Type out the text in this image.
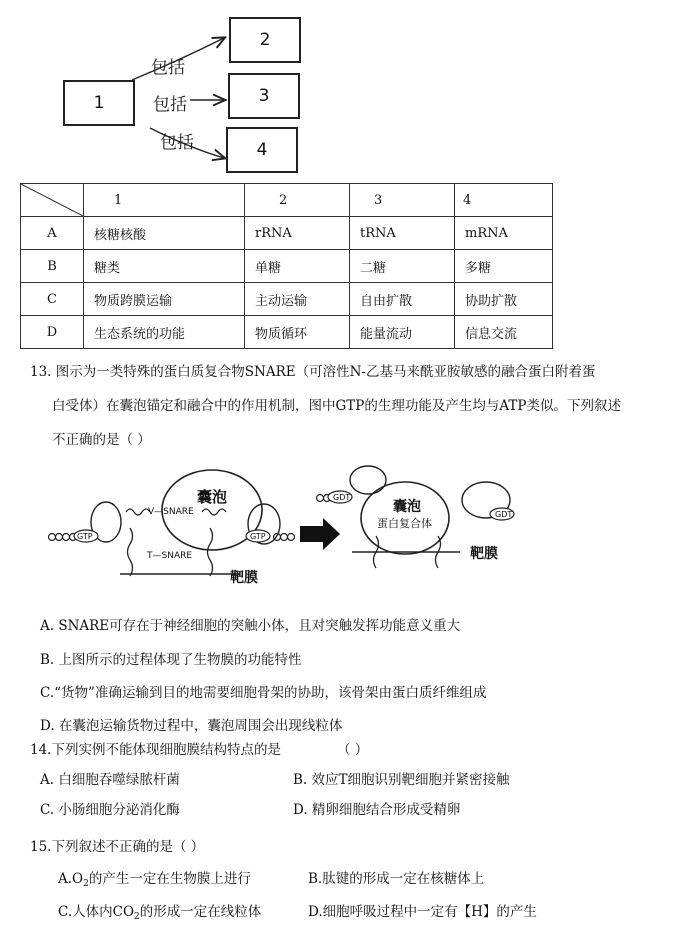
1
2
3
4
包括
包括
包括
	1	2	3	4
A	核糖核酸	rRNA	tRNA	mRNA
B	糖类	单糖	二糖	多糖
C	物质跨膜运输	主动运输	自由扩散	协助扩散
D	生态系统的功能	物质循环	能量流动	信息交流
13. 图示为一类特殊的蛋白质复合物SNARE（可溶性N-乙基马来酰亚胺敏感的融合蛋白附着蛋
白受体）在囊泡锚定和融合中的作用机制，图中GTP的生理功能及产生均与ATP类似。下列叙述
不正确的是（ ）
囊泡
V—SNARE
T—SNARE
GTP	GTP
靶膜
GDT
GDT
囊泡
蛋白复合体
靶膜
A. SNARE可存在于神经细胞的突触小体，且对突触发挥功能意义重大
B. 上图所示的过程体现了生物膜的功能特性
C.“货物”准确运输到目的地需要细胞骨架的协助，该骨架由蛋白质纤维组成
D. 在囊泡运输货物过程中，囊泡周围会出现线粒体
14.下列实例不能体现细胞膜结构特点的是	（ ）
A. 白细胞吞噬绿脓杆菌	B. 效应T细胞识别靶细胞并紧密接触
C. 小肠细胞分泌消化酶	D. 精卵细胞结合形成受精卵
15.下列叙述不正确的是（ ）
$A.O_2$的产生一定在生物膜上进行	B.肽键的形成一定在核糖体上
C.人体内$CO_2$的形成一定在线粒体	D.细胞呼吸过程中一定有【H】的产生
